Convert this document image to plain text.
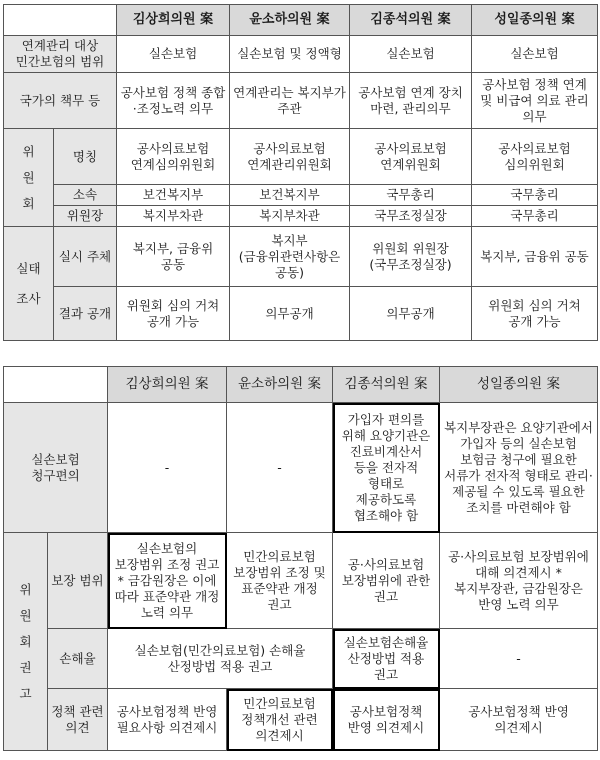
		김상희의원 案	윤소하의원 案	김종석의원 案	성일종의원 案
연계관리 대상 민간보험의 범위		실손보험	실손보험 및 정액형	실손보험	실손보험
국가의 책무 등		공사보험 정책 종합·조정노력 의무	연계관리는 복지부가 주관	공사보험 연계 장치 마련, 관리의무	공사보험 정책 연계 및 비급여 의료 관리 의무

위
원
회	명칭	공사의료보험 연계심의위원회	공사의료보험 연계관리위원회	공사의료보험 연계위원회	공사의료보험 심의위원회
	소속	보건복지부	보건복지부	국무총리	국무총리
	위원장	복지부차관	복지부차관	국무조정실장	국무총리

실태
조사	실시 주체	복지부, 금융위 공동	복지부 (금융위관련사항은 공동)	위원회 위원장 (국무조정실장)	복지부, 금융위 공동
	결과 공개	위원회 심의 거쳐 공개 가능	의무공개	의무공개	위원회 심의 거쳐 공개 가능
		김상희의원 案	윤소하의원 案	김종석의원 案	성일종의원 案
실손보험 청구편의		-	-	가입자 편의를 위해 요양기관은 진료비계산서 등을 전자적 형태로 제공하도록 협조해야 함	복지부장관은 요양기관에서 가입자 등의 실손보험 보험금 청구에 필요한 서류가 전자적 형태로 관리·제공될 수 있도록 필요한 조치를 마련해야 함

위
원
회
권
고	보장 범위	실손보험의 보장범위 조정 권고 * 금감원장은 이에 따라 표준약관 개정 노력 의무	민간의료보험 보장범위 조정 및 표준약관 개정 권고	공·사의료보험 보장범위에 관한 권고	공·사의료보험 보장범위에 대해 의견제시 * 복지부장관, 금감원장은 반영 노력 의무
	손해율	실손보험(민간의료보험) 손해율 산정방법 적용 권고		실손보험손해율 산정방법 적용 권고	-
	정책 관련 의견	공사보험정책 반영 필요사항 의견제시	민간의료보험 정책개선 관련 의견제시	공사보험정책 반영 의견제시	공사보험정책 반영 의견제시
